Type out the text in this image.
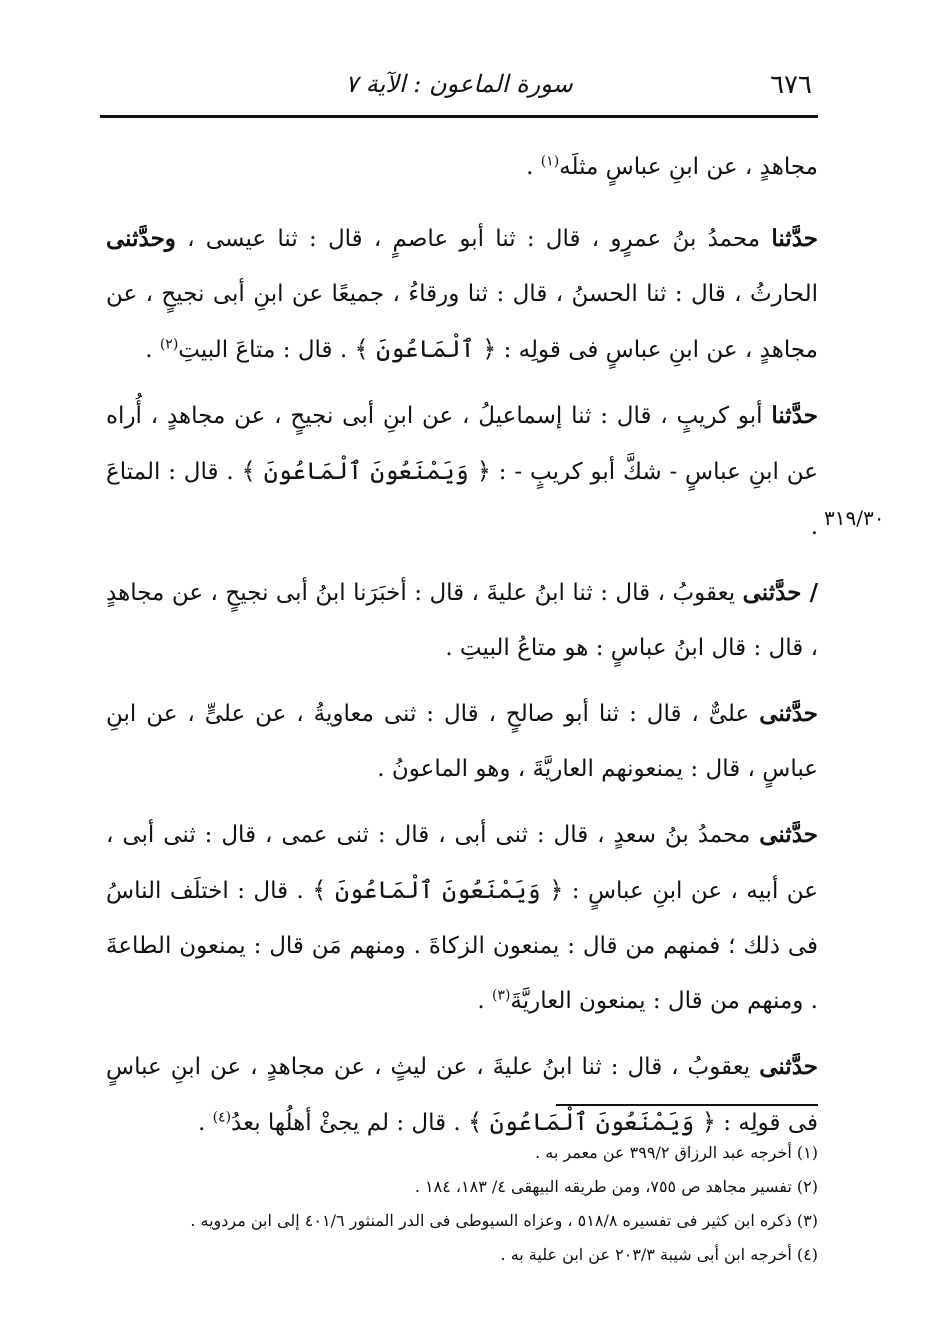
٦٧٦
سورة الماعون : الآية ٧
٣١٩/٣٠

مجاهدٍ ، عن ابنِ عباسٍ مثلَه$^{(١)}$ .

حدَّثنا محمدُ بنُ عمرٍو ، قال : ثنا أبو عاصمٍ ، قال : ثنا عيسى ، وحدَّثنى الحارثُ ، قال : ثنا الحسنُ ، قال : ثنا ورقاءُ ، جميعًا عن ابنِ أبى نجيحٍ ، عن مجاهدٍ ، عن ابنِ عباسٍ فى قولِه : ﴿ ٱلْمَاعُونَ ﴾ . قال : متاعَ البيتِ$^{(٢)}$ .

حدَّثنا أبو كريبٍ ، قال : ثنا إسماعيلُ ، عن ابنِ أبى نجيحٍ ، عن مجاهدٍ ، أُراه عن ابنِ عباسٍ - شكَّ أبو كريبٍ - : ﴿ وَيَمْنَعُونَ ٱلْمَاعُونَ ﴾ . قال : المتاعَ .

/ حدَّثنى يعقوبُ ، قال : ثنا ابنُ عليةَ ، قال : أخبَرَنا ابنُ أبى نجيحٍ ، عن مجاهدٍ ، قال : قال ابنُ عباسٍ : هو متاعُ البيتِ .

حدَّثنى علىٌّ ، قال : ثنا أبو صالحٍ ، قال : ثنى معاويةُ ، عن علىٍّ ، عن ابنِ عباسٍ ، قال : يمنعونهم العاريَّةَ ، وهو الماعونُ .

حدَّثنى محمدُ بنُ سعدٍ ، قال : ثنى أبى ، قال : ثنى عمى ، قال : ثنى أبى ، عن أبيه ، عن ابنِ عباسٍ : ﴿ وَيَمْنَعُونَ ٱلْمَاعُونَ ﴾ . قال : اختلَف الناسُ فى ذلك ؛ فمنهم من قال : يمنعون الزكاةَ . ومنهم مَن قال : يمنعون الطاعةَ . ومنهم من قال : يمنعون العاريَّةَ$^{(٣)}$ .

حدَّثنى يعقوبُ ، قال : ثنا ابنُ عليةَ ، عن ليثٍ ، عن مجاهدٍ ، عن ابنِ عباسٍ فى قولِه : ﴿ وَيَمْنَعُونَ ٱلْمَاعُونَ ﴾ . قال : لم يجئْ أهلُها بعدُ$^{(٤)}$ .

(١) أخرجه عبد الرزاق ٣٩٩/٢ عن معمر به .

(٢) تفسير مجاهد ص ٧٥٥، ومن طريقه البيهقى ٤/ ١٨٣، ١٨٤ .

(٣) ذكره ابن كثير فى تفسيره ٥١٨/٨ ، وعزاه السيوطى فى الدر المنثور ٤٠١/٦ إلى ابن مردويه .

(٤) أخرجه ابن أبى شيبة ٢٠٣/٣ عن ابن علية به .
